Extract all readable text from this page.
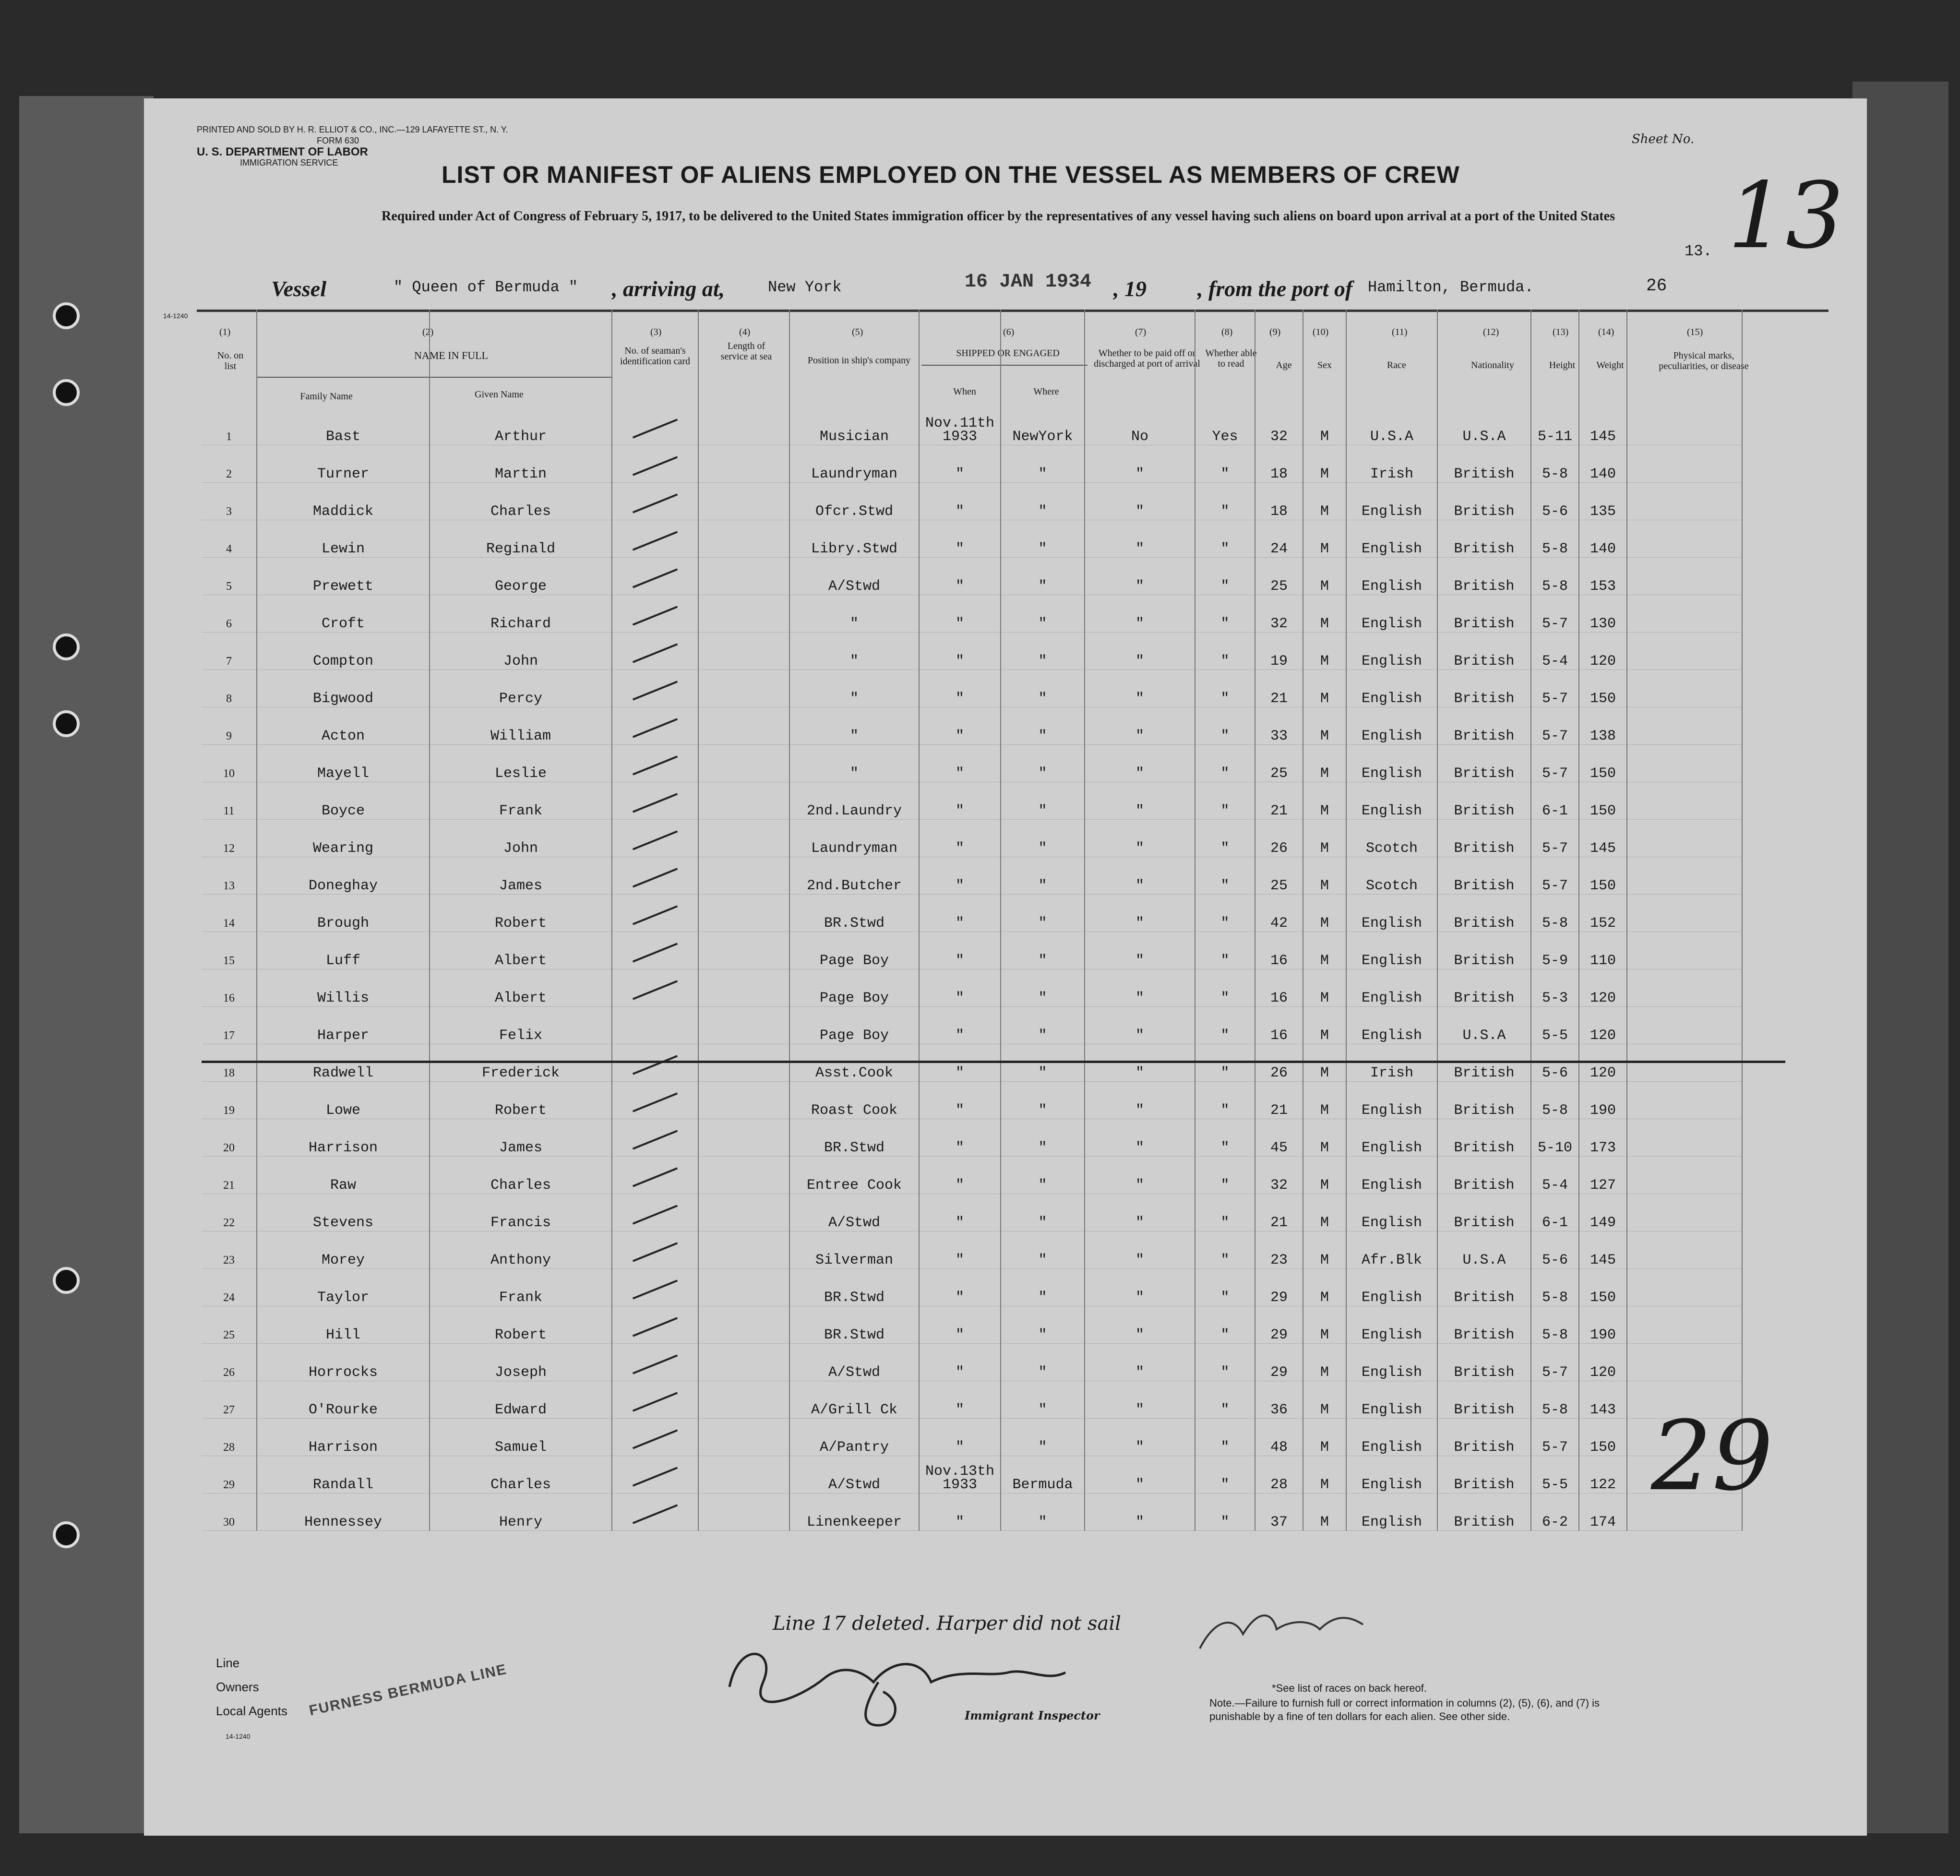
PRINTED AND SOLD BY H. R. ELLIOT & CO., INC.—129 LAFAYETTE ST., N. Y.
FORM 630
U. S. DEPARTMENT OF LABOR
IMMIGRATION SERVICE
Sheet No.
LIST OR MANIFEST OF ALIENS EMPLOYED ON THE VESSEL AS MEMBERS OF CREW
Required under Act of Congress of February 5, 1917, to be delivered to the United States immigration officer by the representatives of any vessel having such aliens on board upon arrival at a port of the United States
13. 13
Vessel	" Queen of Bermuda " , arriving at,	New York	16 JAN 1934 , 19 , from the port of Hamilton, Bermuda.	26
14-1240
(1)
No. on list
(2)
NAME IN FULL
Family Name	Given Name
(3)
No. of seaman's identification card
(4)
Length of service at sea
(5)
Position in ship's company
(6)
SHIPPED OR ENGAGED
When	Where
(7)
Whether to be paid off or discharged at port of arrival
(8)
Whether able to read
(9)
Age
(10)
Sex
(11)
Race
(12)
Nationality
(13)
Height
(14)
Weight
(15)
Physical marks, peculiarities, or disease

1	Bast	Arthur			Musician	Nov.11th 1933	NewYork	No	Yes	32	M	U.S.A	U.S.A	5-11	145	
2	Turner	Martin			Laundryman	"	"	"	"	18	M	Irish	British	5-8	140	
3	Maddick	Charles			Ofcr.Stwd	"	"	"	"	18	M	English	British	5-6	135	
4	Lewin	Reginald			Libry.Stwd	"	"	"	"	24	M	English	British	5-8	140	
5	Prewett	George			A/Stwd	"	"	"	"	25	M	English	British	5-8	153	
6	Croft	Richard			"	"	"	"	"	32	M	English	British	5-7	130	
7	Compton	John			"	"	"	"	"	19	M	English	British	5-4	120	
8	Bigwood	Percy			"	"	"	"	"	21	M	English	British	5-7	150	
9	Acton	William			"	"	"	"	"	33	M	English	British	5-7	138	
10	Mayell	Leslie			"	"	"	"	"	25	M	English	British	5-7	150	
11	Boyce	Frank			2nd.Laundry	"	"	"	"	21	M	English	British	6-1	150	
12	Wearing	John			Laundryman	"	"	"	"	26	M	Scotch	British	5-7	145	
13	Doneghay	James			2nd.Butcher	"	"	"	"	25	M	Scotch	British	5-7	150	
14	Brough	Robert			BR.Stwd	"	"	"	"	42	M	English	British	5-8	152	
15	Luff	Albert			Page Boy	"	"	"	"	16	M	English	British	5-9	110	
16	Willis	Albert			Page Boy	"	"	"	"	16	M	English	British	5-3	120	
17	Harper	Felix			Page Boy	"	"	"	"	16	M	English	U.S.A	5-5	120	
18	Radwell	Frederick			Asst.Cook	"	"	"	"	26	M	Irish	British	5-6	120	
19	Lowe	Robert			Roast Cook	"	"	"	"	21	M	English	British	5-8	190	
20	Harrison	James			BR.Stwd	"	"	"	"	45	M	English	British	5-10	173	
21	Raw	Charles			Entree Cook	"	"	"	"	32	M	English	British	5-4	127	
22	Stevens	Francis			A/Stwd	"	"	"	"	21	M	English	British	6-1	149	
23	Morey	Anthony			Silverman	"	"	"	"	23	M	Afr.Blk	U.S.A	5-6	145	
24	Taylor	Frank			BR.Stwd	"	"	"	"	29	M	English	British	5-8	150	
25	Hill	Robert			BR.Stwd	"	"	"	"	29	M	English	British	5-8	190	
26	Horrocks	Joseph			A/Stwd	"	"	"	"	29	M	English	British	5-7	120	
27	O'Rourke	Edward			A/Grill Ck	"	"	"	"	36	M	English	British	5-8	143	
28	Harrison	Samuel			A/Pantry	"	"	"	"	48	M	English	British	5-7	150	
29	Randall	Charles			A/Stwd	Nov.13th 1933	Bermuda	"	"	28	M	English	British	5-5	122	
30	Hennessey	Henry			Linenkeeper	"	"	"	"	37	M	English	British	6-2	174	
Line 17 deleted. Harper did not sail
Line
Owners
Local Agents FURNESS BERMUDA LINE	Immigrant Inspector
*See list of races on back hereof.
Note.—Failure to furnish full or correct information in columns (2), (5), (6), and (7) is punishable by a fine of ten dollars for each alien. See other side.
29
14-1240
